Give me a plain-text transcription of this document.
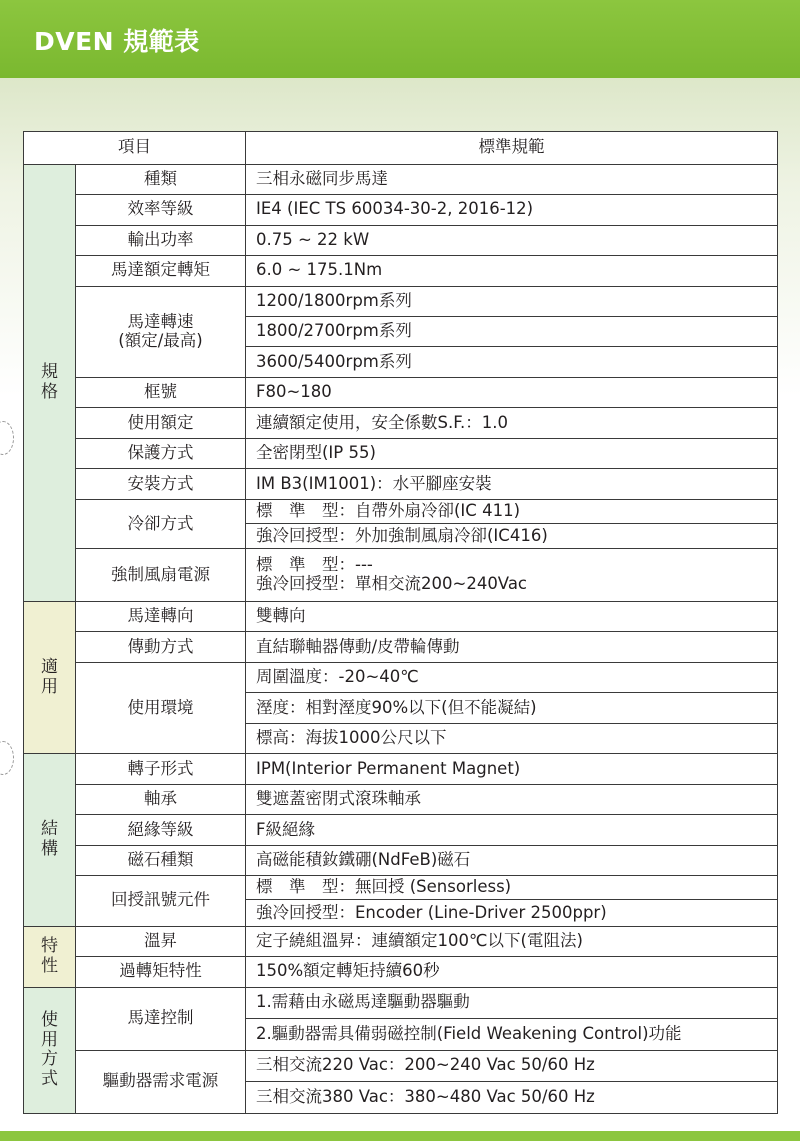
DVEN 規範表
項目		標準規範

規
格	種類	三相永磁同步馬達
	效率等級	IE4 (IEC TS 60034-30-2, 2016-12)
	輸出功率	0.75 ~ 22 kW
	馬達額定轉矩	6.0 ~ 175.1Nm

	馬達轉速
(額定/最高)	1200/1800rpm系列
		1800/2700rpm系列
		3600/5400rpm系列
	框號	F80~180
	使用額定	連續額定使用，安全係數S.F.：1.0
	保護方式	全密閉型(IP 55)
	安裝方式	IM B3(IM1001)：水平腳座安裝
	冷卻方式	標　準　型：自帶外扇冷卻(IC 411)
		強冷回授型：外加強制風扇冷卻(IC416)
	強制風扇電源	標　準　型：---
強冷回授型：單相交流200~240Vac

適
用	馬達轉向	雙轉向
	傳動方式	直結聯軸器傳動/皮帶輪傳動
	使用環境	周圍溫度：-20~40℃
		溼度：相對溼度90%以下(但不能凝結)
		標高：海拔1000公尺以下

結
構	轉子形式	IPM(Interior Permanent Magnet)
	軸承	雙遮蓋密閉式滾珠軸承
	絕緣等級	F級絕緣
	磁石種類	高磁能積釹鐵硼(NdFeB)磁石
	回授訊號元件	標　準　型：無回授 (Sensorless)
		強冷回授型：Encoder (Line-Driver 2500ppr)

特
性	溫昇	定子繞組溫昇：連續額定100℃以下(電阻法)
	過轉矩特性	150%額定轉矩持續60秒

使
用
方
式	馬達控制	1.需藉由永磁馬達驅動器驅動
		2.驅動器需具備弱磁控制(Field Weakening Control)功能
	驅動器需求電源	三相交流220 Vac：200~240 Vac 50/60 Hz
		三相交流380 Vac：380~480 Vac 50/60 Hz
